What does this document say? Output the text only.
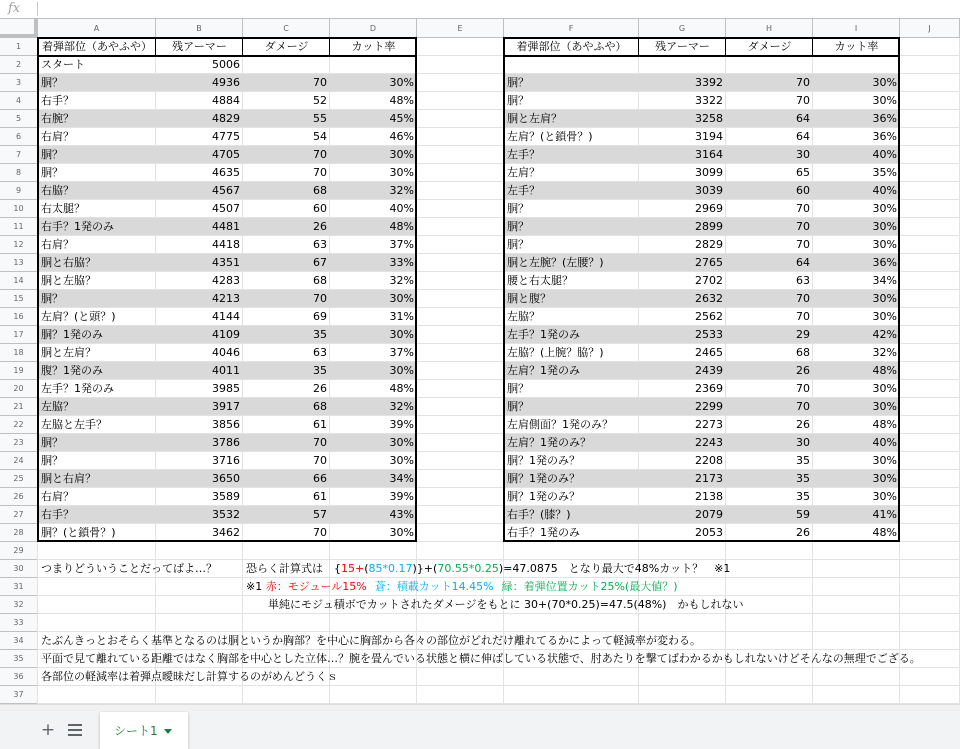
fx
A	B	C	D	E	F	G	H	I	J
1
2
3
4
5
6
7
8
9
10
11
12
13
14
15
16
17
18
19
20
21
22
23
24
25
26
27
28
29
30
31
32
33
34
35
36
37
着弾部位（あやふや）	残アーマー	ダメージ	カット率
スタート	5006
胴？	4936	70	30%
右手？	4884	52	48%
右腕？	4829	55	45%
右肩？	4775	54	46%
胴？	4705	70	30%
胴？	4635	70	30%
右脇？	4567	68	32%
右太腿？	4507	60	40%
右手？1発のみ	4481	26	48%
右肩？	4418	63	37%
胴と右脇？	4351	67	33%
胴と左脇？	4283	68	32%
胴？	4213	70	30%
左肩？(と頭？)	4144	69	31%
胴？1発のみ	4109	35	30%
胴と左肩？	4046	63	37%
腹？1発のみ	4011	35	30%
左手？1発のみ	3985	26	48%
左脇？	3917	68	32%
左脇と左手？	3856	61	39%
胴？	3786	70	30%
胴？	3716	70	30%
胴と右肩？	3650	66	34%
右肩？	3589	61	39%
右手？	3532	57	43%
胴？(と鎖骨？)	3462	70	30%
着弾部位（あやふや）	残アーマー	ダメージ	カット率
胴？	3392	70	30%
胴？	3322	70	30%
胴と左肩？	3258	64	36%
左肩？(と鎖骨？)	3194	64	36%
左手？	3164	30	40%
左肩？	3099	65	35%
左手？	3039	60	40%
胴？	2969	70	30%
胴？	2899	70	30%
胴？	2829	70	30%
胴と左腕？(左腰？)	2765	64	36%
腰と右太腿？	2702	63	34%
胴と腹？	2632	70	30%
左脇？	2562	70	30%
左手？1発のみ	2533	29	42%
左脇？(上腕？脇？)	2465	68	32%
左肩？1発のみ	2439	26	48%
胴？	2369	70	30%
胴？	2299	70	30%
左肩側面？1発のみ？	2273	26	48%
左肩？1発のみ？	2243	30	40%
胴？1発のみ？	2208	35	30%
胴？1発のみ？	2173	35	30%
胴？1発のみ？	2138	35	30%
右手？(膝？)	2079	59	41%
右手？1発のみ	2053	26	48%
つまりどういうことだってばよ…？	恐らく計算式は　{15+(85*0.17)}+(70.55*0.25)=47.0875　となり最大で48%カット？　※1
※1 赤：モジュール15% 蒼：積載カット14.45% 緑：着弾位置カット25%(最大値？)
単純にモジュ積ボでカットされたダメージをもとに 30+(70*0.25)=47.5(48%)　かもしれない
たぶんきっとおそらく基準となるのは胴というか胸部？を中心に胸部から各々の部位がどれだけ離れてるかによって軽減率が変わる。
平面で見て離れている距離ではなく胸部を中心とした立体…？腕を畳んでいる状態と横に伸ばしている状態で、肘あたりを撃てばわかるかもしれないけどそんなの無理でござる。
各部位の軽減率は着弾点曖昧だし計算するのがめんどうくｓ
+	シート1
